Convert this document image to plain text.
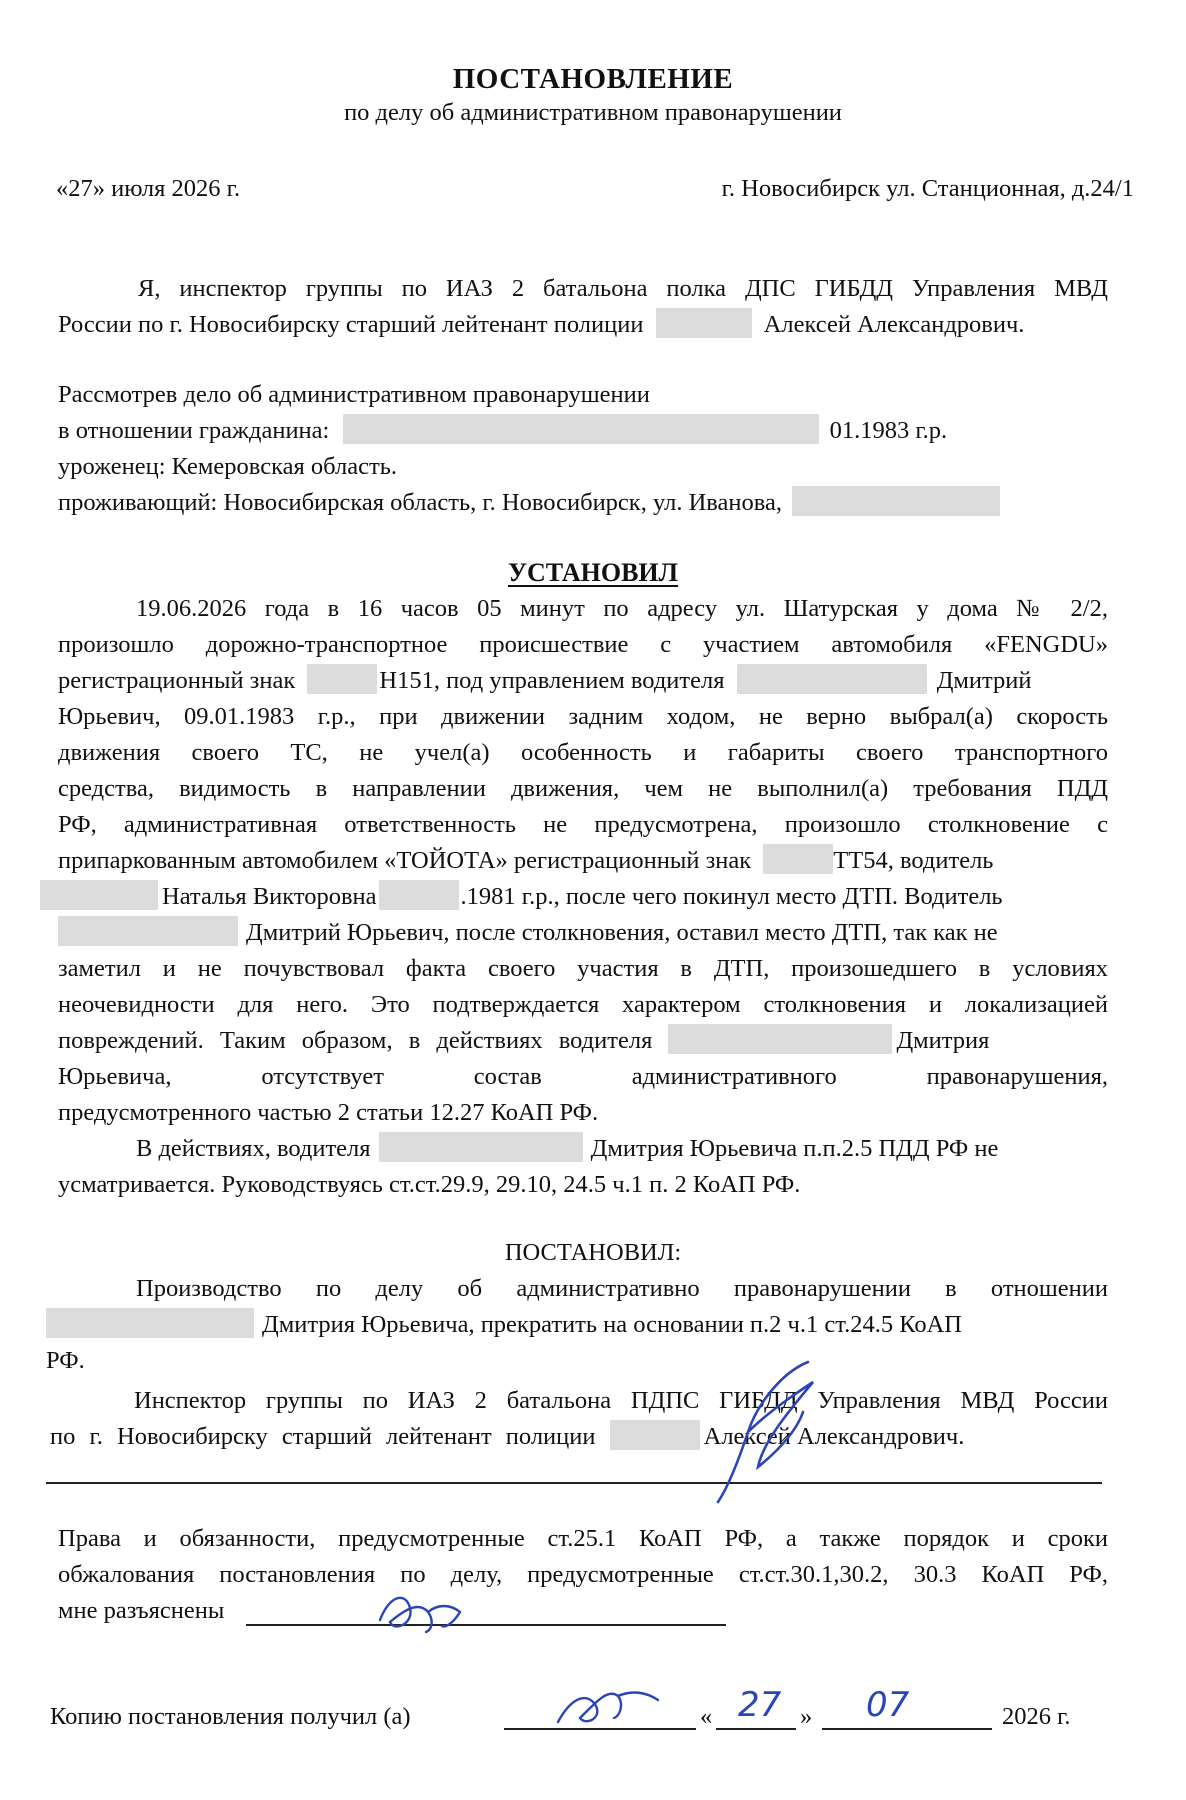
ПОСТАНОВЛЕНИЕ
по делу об административном правонарушении
«27» июля 2026 г.	г. Новосибирск ул. Станционная, д.24/1
Я, инспектор группы по ИАЗ 2 батальона полка ДПС ГИБДД Управления МВД
России по г. Новосибирску старший лейтенант полиции	Алексей Александрович.
Рассмотрев дело об административном правонарушении
в отношении гражданина:	01.1983 г.р.
уроженец: Кемеровская область.
проживающий: Новосибирская область, г. Новосибирск, ул. Иванова,
УСТАНОВИЛ
19.06.2026 года в 16 часов 05 минут по адресу ул. Шатурская у дома № 2/2,
произошло дорожно-транспортное происшествие с участием автомобиля «FENGDU»
регистрационный знак	Н151, под управлением водителя	Дмитрий
Юрьевич, 09.01.1983 г.р., при движении задним ходом, не верно выбрал(а) скорость
движения своего ТС, не учел(а) особенность и габариты своего транспортного
средства, видимость в направлении движения, чем не выполнил(а) требования ПДД
РФ, административная ответственность не предусмотрена, произошло столкновение с
припаркованным автомобилем «ТОЙОТА» регистрационный знак	ТТ54, водитель
Наталья Викторовна	.1981 г.р., после чего покинул место ДТП. Водитель
Дмитрий Юрьевич, после столкновения, оставил место ДТП, так как не
заметил и не почувствовал факта своего участия в ДТП, произошедшего в условиях
неочевидности для него. Это подтверждается характером столкновения и локализацией
повреждений. Таким образом, в действиях водителя	Дмитрия
Юрьевича, отсутствует состав административного правонарушения,
предусмотренного частью 2 статьи 12.27 КоАП РФ.
В действиях, водителя	Дмитрия Юрьевича п.п.2.5 ПДД РФ не
усматривается. Руководствуясь ст.ст.29.9, 29.10, 24.5 ч.1 п. 2 КоАП РФ.
ПОСТАНОВИЛ:
Производство по делу об административно правонарушении в отношении
Дмитрия Юрьевича, прекратить на основании п.2 ч.1 ст.24.5 КоАП
РФ.
Инспектор группы по ИАЗ 2 батальона ПДПС ГИБДД Управления МВД России
по г. Новосибирску старший лейтенант полиции	Алексей Александрович.
Права и обязанности, предусмотренные ст.25.1 КоАП РФ, а также порядок и сроки
обжалования постановления по делу, предусмотренные ст.ст.30.1,30.2, 30.3 КоАП РФ,
мне разъяснены
Копию постановления получил (а)	« 27 » 07	2026 г.
